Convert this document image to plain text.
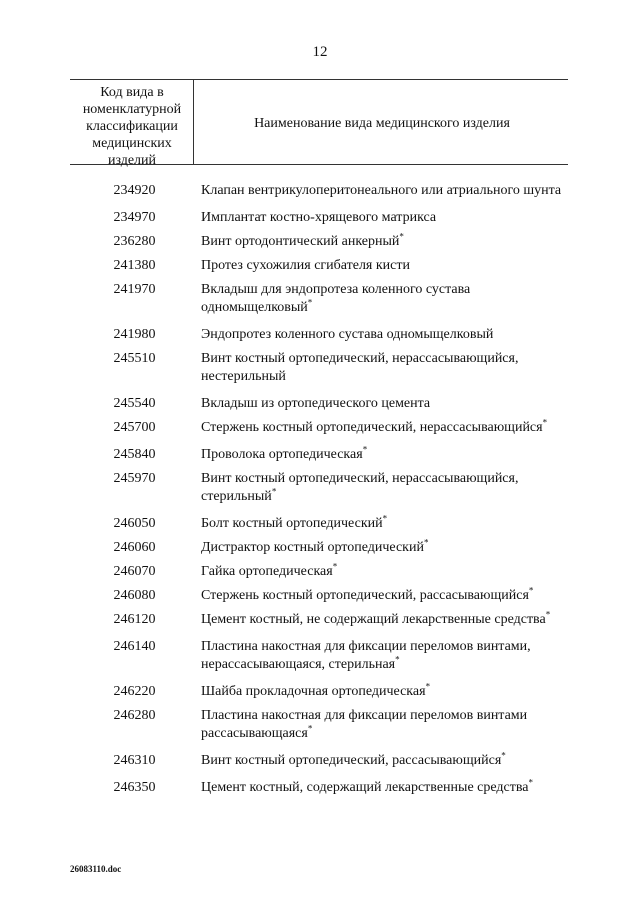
12
Код вида в
номенклатурной
классификации
медицинских
изделий
Наименование вида медицинского изделия
234920	Клапан вентрикулоперитонеального или атриального шунта
234970	Имплантат костно-хрящевого матрикса
236280	Винт ортодонтический анкерный*
241380	Протез сухожилия сгибателя кисти
241970	Вкладыш для эндопротеза коленного сустава одномыщелковый*
241980	Эндопротез коленного сустава одномыщелковый
245510	Винт костный ортопедический, нерассасывающийся, нестерильный
245540	Вкладыш из ортопедического цемента
245700	Стержень костный ортопедический, нерассасывающийся*
245840	Проволока ортопедическая*
245970	Винт костный ортопедический, нерассасывающийся, стерильный*
246050	Болт костный ортопедический*
246060	Дистрактор костный ортопедический*
246070	Гайка ортопедическая*
246080	Стержень костный ортопедический, рассасывающийся*
246120	Цемент костный, не содержащий лекарственные средства*
246140	Пластина накостная для фиксации переломов винтами, нерассасывающаяся, стерильная*
246220	Шайба прокладочная ортопедическая*
246280	Пластина накостная для фиксации переломов винтами рассасывающаяся*
246310	Винт костный ортопедический, рассасывающийся*
246350	Цемент костный, содержащий лекарственные средства*
26083110.doc
